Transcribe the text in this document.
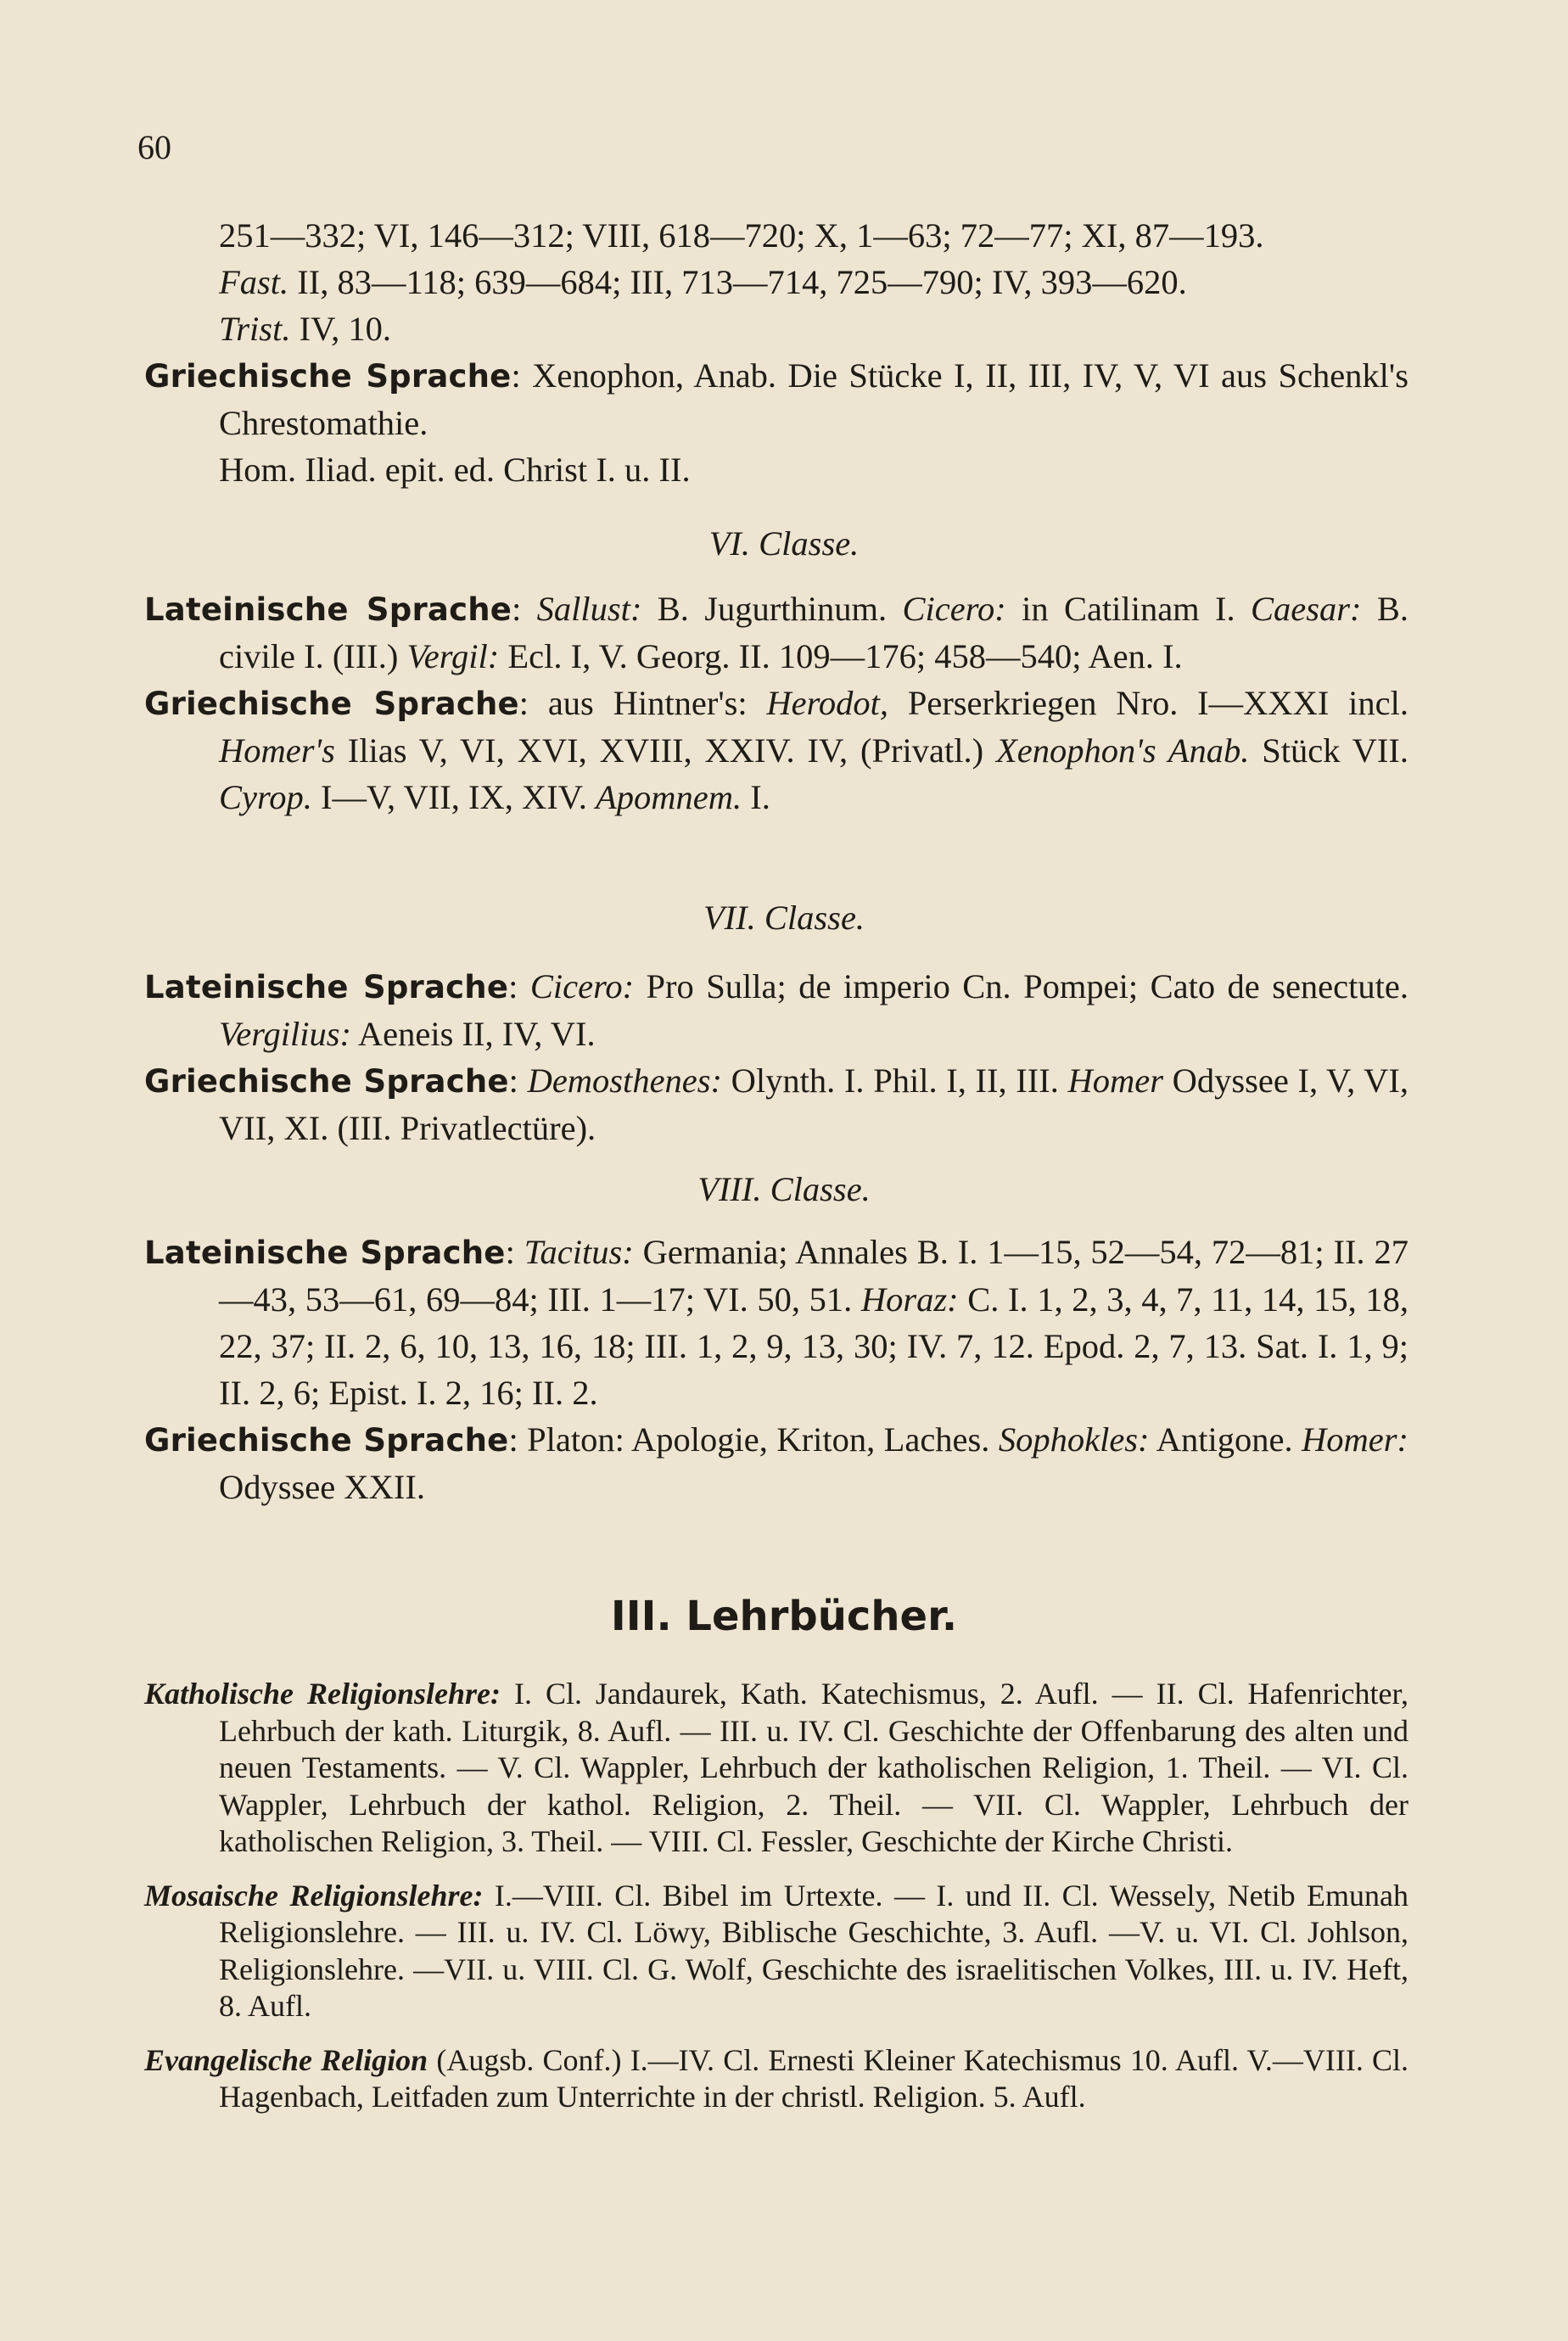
60

251—332; VI, 146—312; VIII, 618—720; X, 1—63; 72—77; XI, 87—193.

Fast. II, 83—118; 639—684; III, 713—714, 725—790; IV, 393—620.

Trist. IV, 10.

Griechische Sprache: Xenophon, Anab. Die Stücke I, II, III, IV, V, VI aus Schenkl's Chrestomathie.

Hom. Iliad. epit. ed. Christ I. u. II.

VI. Classe.

Lateinische Sprache: Sallust: B. Jugurthinum. Cicero: in Catilinam I. Caesar: B. civile I. (III.) Vergil: Ecl. I, V. Georg. II. 109—176; 458—540; Aen. I.

Griechische Sprache: aus Hintner's: Herodot, Perserkriegen Nro. I—XXXI incl. Homer's Ilias V, VI, XVI, XVIII, XXIV. IV, (Privatl.) Xenophon's Anab. Stück VII. Cyrop. I—V, VII, IX, XIV. Apomnem. I.

VII. Classe.

Lateinische Sprache: Cicero: Pro Sulla; de imperio Cn. Pompei; Cato de senectute. Vergilius: Aeneis II, IV, VI.

Griechische Sprache: Demosthenes: Olynth. I. Phil. I, II, III. Homer Odyssee I, V, VI, VII, XI. (III. Privatlectüre).

VIII. Classe.

Lateinische Sprache: Tacitus: Germania; Annales B. I. 1—15, 52—54, 72—81; II. 27—43, 53—61, 69—84; III. 1—17; VI. 50, 51. Horaz: C. I. 1, 2, 3, 4, 7, 11, 14, 15, 18, 22, 37; II. 2, 6, 10, 13, 16, 18; III. 1, 2, 9, 13, 30; IV. 7, 12. Epod. 2, 7, 13. Sat. I. 1, 9; II. 2, 6; Epist. I. 2, 16; II. 2.

Griechische Sprache: Platon: Apologie, Kriton, Laches. Sophokles: Antigone. Homer: Odyssee XXII.

III. Lehrbücher.

Katholische Religionslehre: I. Cl. Jandaurek, Kath. Katechismus, 2. Aufl. — II. Cl. Hafenrichter, Lehrbuch der kath. Liturgik, 8. Aufl. — III. u. IV. Cl. Geschichte der Offenbarung des alten und neuen Testaments. — V. Cl. Wappler, Lehrbuch der katholischen Religion, 1. Theil. — VI. Cl. Wappler, Lehrbuch der kathol. Religion, 2. Theil. — VII. Cl. Wappler, Lehrbuch der katholischen Religion, 3. Theil. — VIII. Cl. Fessler, Geschichte der Kirche Christi.

Mosaische Religionslehre: I.—VIII. Cl. Bibel im Urtexte. — I. und II. Cl. Wessely, Netib Emunah Religionslehre. — III. u. IV. Cl. Löwy, Biblische Geschichte, 3. Aufl. —V. u. VI. Cl. Johlson, Religionslehre. —VII. u. VIII. Cl. G. Wolf, Geschichte des israelitischen Volkes, III. u. IV. Heft, 8. Aufl.

Evangelische Religion (Augsb. Conf.) I.—IV. Cl. Ernesti Kleiner Katechismus 10. Aufl. V.—VIII. Cl. Hagenbach, Leitfaden zum Unterrichte in der christl. Religion. 5. Aufl.
